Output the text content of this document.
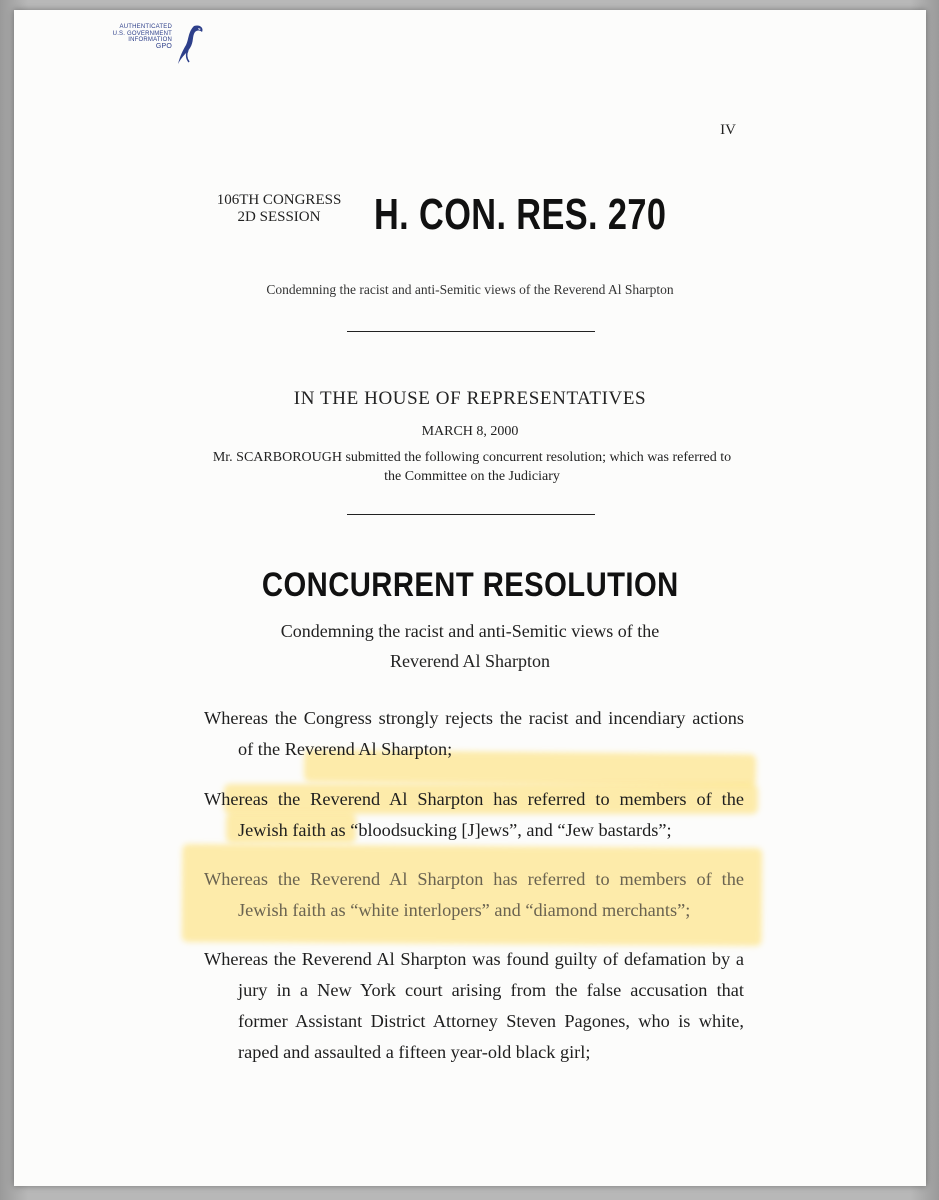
AUTHENTICATED
U.S. GOVERNMENT
INFORMATION
GPO
IV
106TH CONGRESS
2D SESSION	H. CON. RES. 270
Condemning the racist and anti-Semitic views of the Reverend Al Sharpton
IN THE HOUSE OF REPRESENTATIVES
MARCH 8, 2000
Mr. SCARBOROUGH submitted the following concurrent resolution; which was referred to the Committee on the Judiciary
CONCURRENT RESOLUTION
Condemning the racist and anti-Semitic views of the
Reverend Al Sharpton

Whereas the Congress strongly rejects the racist and incendiary actions of the Reverend Al Sharpton;

Whereas the Reverend Al Sharpton has referred to members of the Jewish faith as “bloodsucking [J]ews”, and “Jew bastards”;

Whereas the Reverend Al Sharpton has referred to members of the Jewish faith as “white interlopers” and “diamond merchants”;

Whereas the Reverend Al Sharpton was found guilty of defamation by a jury in a New York court arising from the false accusation that former Assistant District Attorney Steven Pagones, who is white, raped and assaulted a fifteen year-old black girl;
